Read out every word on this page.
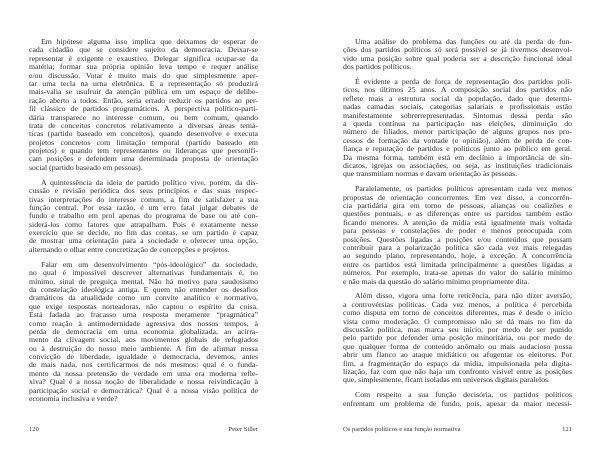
Em hipótese alguma isso implica que deixamos de esperar de
cada cidadão que se considere sujeito da democracia. Deixar-se
representar é exigente e exaustivo. Delegar significa ocupar-se da
matéria; formar sua própria opinião leva tempo e requer análise
e/ou discussão. Votar é muito mais do que simplesmente aper-
tar uma tecla na urna eletrônica. E a representação só produzirá
mais-valia se usufruir da atenção pública em um espaço de delibe-
ração aberto a todos. Então, seria errado reduzir os partidos ao per-
fil clássico de partidos programáticos. A perspectiva político-parti-
dária transparece no interesse comum, ou bem comum, quando
trata de conceitos concretos relativamente a diversas áreas temá-
ticas (partido baseado em conceitos), quando desenvolve e executa
projetos concretos com limitação temporal (partido baseado em
projetos) e quando tem representantes ou lideranças que personifi-
cam posições e defendem uma determinada proposta de orientação
social (partido baseado em pessoas).
A quintessência da ideia de partido político vive, porém, da dis-
cussão e revisão periódica dos seus princípios e das suas respec-
tivas interpretações do interesse comum, a fim de satisfazer a sua
função central. Por essa razão, é um erro fatal julgar debates de
fundo e trabalho em prol apenas do programa de base ou até con-
siderá-los como fatores que atrapalham. Pois é exatamente nesse
exercício que se decide, no fim das contas, se um partido é capaz
de mostrar uma orientação para a sociedade e oferecer uma opção,
alternando o olhar entre concretização de concepções e projetos.
Falar em um desenvolvimento “pós-ideológico” da sociedade,
no qual é impossível descrever alternativas fundamentais é, no
mínimo, sinal de preguiça mental. Não há motivo para saudosismo
da constelação ideológica antiga. E quem não entender os desafios
dramáticos da atualidade como um convite analítico e normativo,
que exige respostas norteadoras, não captou o espírito da coisa.
Está fadada ao fracasso uma resposta meramente “pragmática”
como reação à antimodernidade agressiva dos nossos tempos, à
perda de democracia em uma economia globalizada, ao acirra-
mento da clivagem social, aos movimentos globais de refugiados
ou à destruição do nosso meio ambiente. A fim de afirmar nossa
convicção de liberdade, igualdade e democracia, devemos, antes
de mais nada, nos certificarmos de nós mesmos: qual é o funda-
mento da nossa pretensão de verdade em uma era moderna refle-
xiva? Qual é a nossa noção de liberalidade e nossa reivindicação à
participação social e democrática? Qual é a nossa visão política de
economia inclusiva e verde?
120	Peter Siller
Uma análise do problema das funções ou até da perda de fun-
ções dos partidos políticos só será possível se já tivermos desenvol-
vido uma posição sobre qual poderia ser a descrição funcional ideal
dos partidos políticos.
É evidente a perda de força de representação dos partidos polí-
ticos, nos últimos 25 anos. A composição social dos partidos não
reflete mais a estrutura social da população, dado que determi-
nadas camadas sociais, categorias salariais e profissionais estão
manifestamente sobrerrepresentadas. Sintomas dessa perda são
a queda contínua na participação nas eleições, diminuição do
número de filiados, menor participação de alguns grupos nos pro-
cessos de formação da vontade (e opinião), além de perda de con-
fiança e reputação de partidos e políticos junto ao público em geral.
Da mesma forma, também está em declínio a importância de sin-
dicatos, igrejas ou associações, ou seja, as instituições tradicionais
que transmitiam normas e davam orientação às pessoas.
Paralelamente, os partidos políticos apresentam cada vez menos
propostas de orientação concorrentes. Em vez disso, a concorrên-
cia partidária gira em torno de pessoas, alianças ou coalizões e
questões pontuais, e as diferenças entre os partidos também estão
ficando menores. A atenção da mídia está igualmente mais voltada
para pessoas e constelações de poder e menos preocupada com
posições. Questões ligadas a posições e/ou conteúdos que possam
contribuir para a polarização política são cada vez mais relegadas
ao segundo plano, representando, hoje, a exceção. A concorrência
entre os partidos está limitada principalmente a questões ligadas a
números. Por exemplo, trata-se apenas do valor do salário mínimo
e não mais da questão do salário mínimo propriamente dita.
Além disso, vigora uma forte reticência, para não dizer aversão,
a controvérsias políticas. Cada vez menos, a política é percebida
como disputa em torno de conceitos diferentes, mas é desde o início
vista como moderação. O compromisso não se dá mais no fim da
discussão política, mas marca seu início, por medo de ser punido
pelo partido por defender uma posição minoritária, ou por medo de
que qualquer forma de conteúdo anômalo ou mais audacioso possa
abrir um flanco ao ataque midiático ou afugentar os eleitores. Por
fim, a fragmentação do espaço da mídia, impulsionada pela digita-
lização, faz com que não haja um confronto visível entre as posições
que, simplesmente, ficam isoladas em universos digitais paralelos.
Com respeito a sua função decisória, os partidos políticos
enfrentam um problema de fundo, pois, apesar da maior necessi-
Os partidos políticos e sua função normativa	121
